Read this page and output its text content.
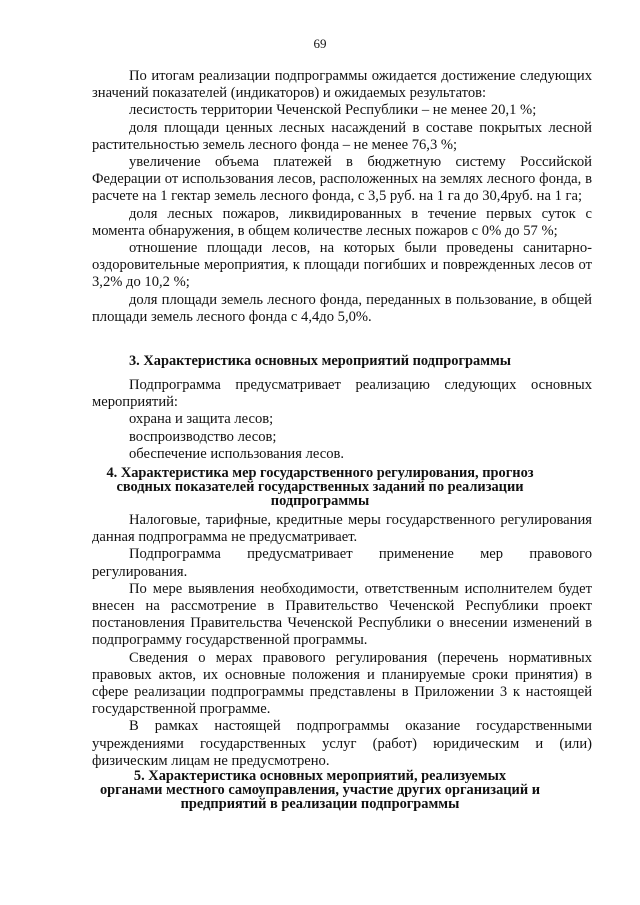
69

По итогам реализации подпрограммы ожидается достижение следующих значений показателей (индикаторов) и ожидаемых результатов:

лесистость территории Чеченской Республики – не менее 20,1 %;

доля площади ценных лесных насаждений в составе покрытых лесной растительностью земель лесного фонда – не менее 76,3 %;

увеличение объема платежей в бюджетную систему Российской Федерации от использования лесов, расположенных на землях лесного фонда, в расчете на 1 гектар земель лесного фонда, с 3,5 руб. на 1 га до 30,4руб. на 1 га;

доля лесных пожаров, ликвидированных в течение первых суток с момента обнаружения, в общем количестве лесных пожаров с 0% до 57 %;

отношение площади лесов, на которых были проведены санитарно-оздоровительные мероприятия, к площади погибших и поврежденных лесов от 3,2% до 10,2 %;

доля площади земель лесного фонда, переданных в пользование, в общей площади земель лесного фонда с 4,4до 5,0%.

3. Характеристика основных мероприятий подпрограммы

Подпрограмма предусматривает реализацию следующих основных мероприятий:

охрана и защита лесов;

воспроизводство лесов;

обеспечение использования лесов.

4. Характеристика мер государственного регулирования, прогноз
сводных показателей государственных заданий по реализации
подпрограммы

Налоговые, тарифные, кредитные меры государственного регулирования данная подпрограмма не предусматривает.

Подпрограмма предусматривает применение мер правового регулирования.

По мере выявления необходимости, ответственным исполнителем будет внесен на рассмотрение в Правительство Чеченской Республики проект постановления Правительства Чеченской Республики о внесении изменений в подпрограмму государственной программы.

Сведения о мерах правового регулирования (перечень нормативных правовых актов, их основные положения и планируемые сроки принятия) в сфере реализации подпрограммы представлены в Приложении 3 к настоящей государственной программе.

В рамках настоящей подпрограммы оказание государственными учреждениями государственных услуг (работ) юридическим и (или) физическим лицам не предусмотрено.

5. Характеристика основных мероприятий, реализуемых
органами местного самоуправления, участие других организаций и
предприятий в реализации подпрограммы
